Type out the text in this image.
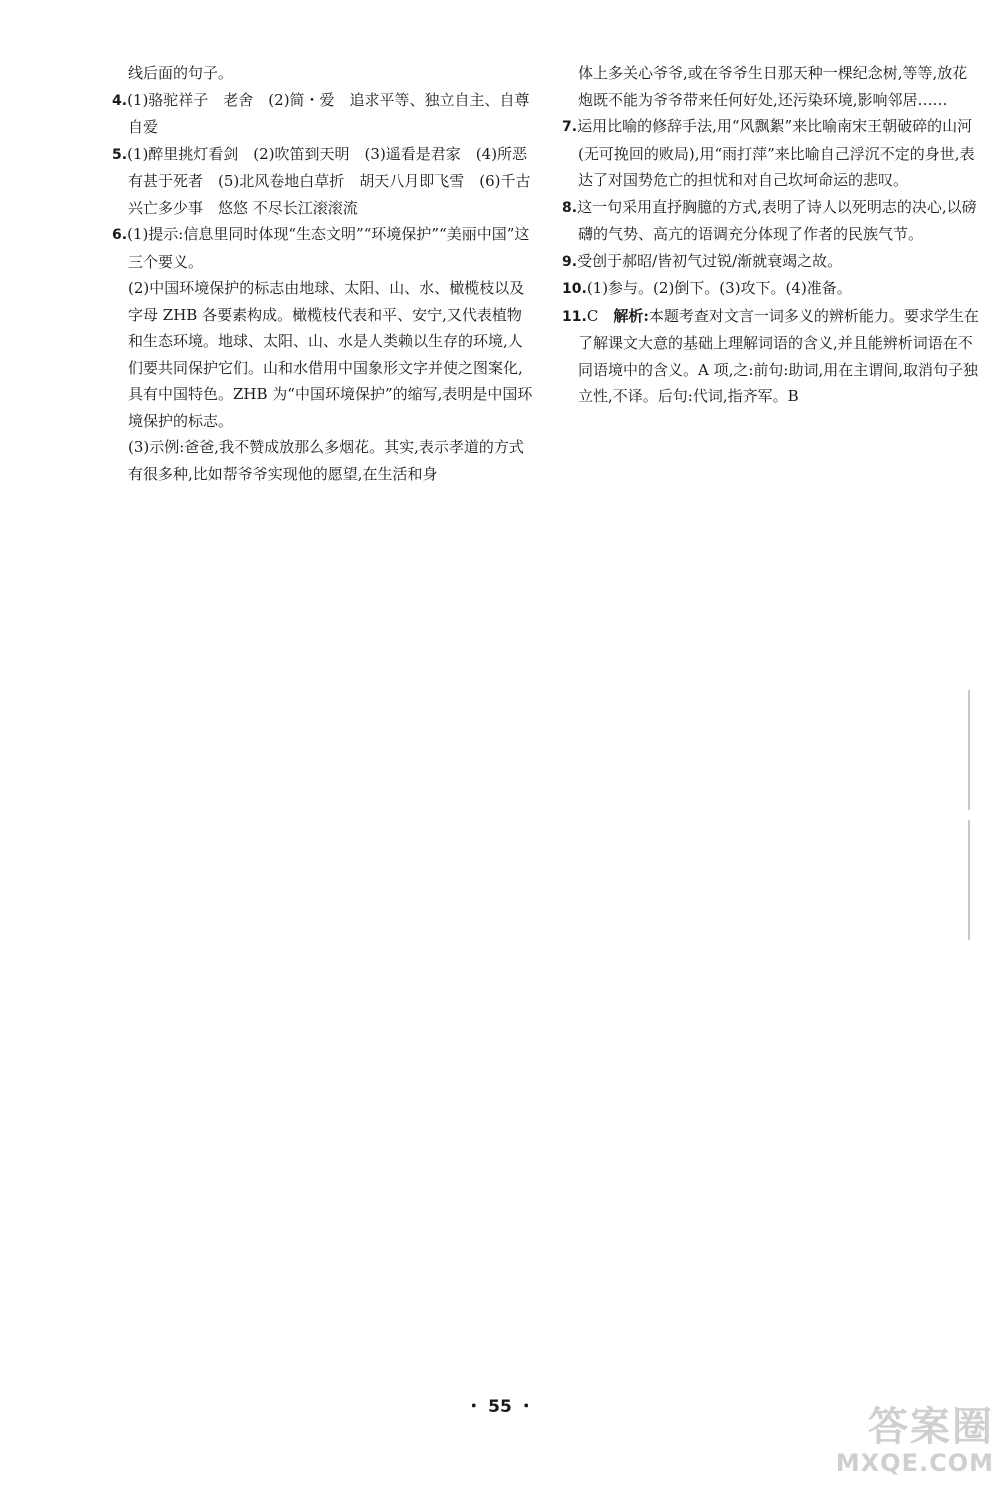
线后面的句子。

4.(1)骆驼祥子　老舍　(2)简・爱　追求平等、独立自主、自尊自爱

5.(1)醉里挑灯看剑　(2)吹笛到天明　(3)遥看是君家　(4)所恶有甚于死者　(5)北风卷地白草折　胡天八月即飞雪　(6)千古兴亡多少事　悠悠 不尽长江滚滚流

6.(1)提示:信息里同时体现“生态文明”“环境保护”“美丽中国”这三个要义。

(2)中国环境保护的标志由地球、太阳、山、水、橄榄枝以及字母 ZHB 各要素构成。橄榄枝代表和平、安宁,又代表植物和生态环境。地球、太阳、山、水是人类赖以生存的环境,人们要共同保护它们。山和水借用中国象形文字并使之图案化,具有中国特色。ZHB 为“中国环境保护”的缩写,表明是中国环境保护的标志。

(3)示例:爸爸,我不赞成放那么多烟花。其实,表示孝道的方式有很多种,比如帮爷爷实现他的愿望,在生活和身

体上多关心爷爷,或在爷爷生日那天种一棵纪念树,等等,放花炮既不能为爷爷带来任何好处,还污染环境,影响邻居……

7.运用比喻的修辞手法,用“风飘絮”来比喻南宋王朝破碎的山河(无可挽回的败局),用“雨打萍”来比喻自己浮沉不定的身世,表达了对国势危亡的担忧和对自己坎坷命运的悲叹。

8.这一句采用直抒胸臆的方式,表明了诗人以死明志的决心,以磅礴的气势、高亢的语调充分体现了作者的民族气节。

9.受创于郝昭/皆初气过锐/渐就衰竭之故。

10.(1)参与。(2)倒下。(3)攻下。(4)准备。

11.C　 解析:本题考查对文言一词多义的辨析能力。要求学生在了解课文大意的基础上理解词语的含义,并且能辨析词语在不同语境中的含义。A 项,之:前句:助词,用在主谓间,取消句子独立性,不译。后句:代词,指齐军。B

・ 55 ・	答案圈
MXQE.COM
